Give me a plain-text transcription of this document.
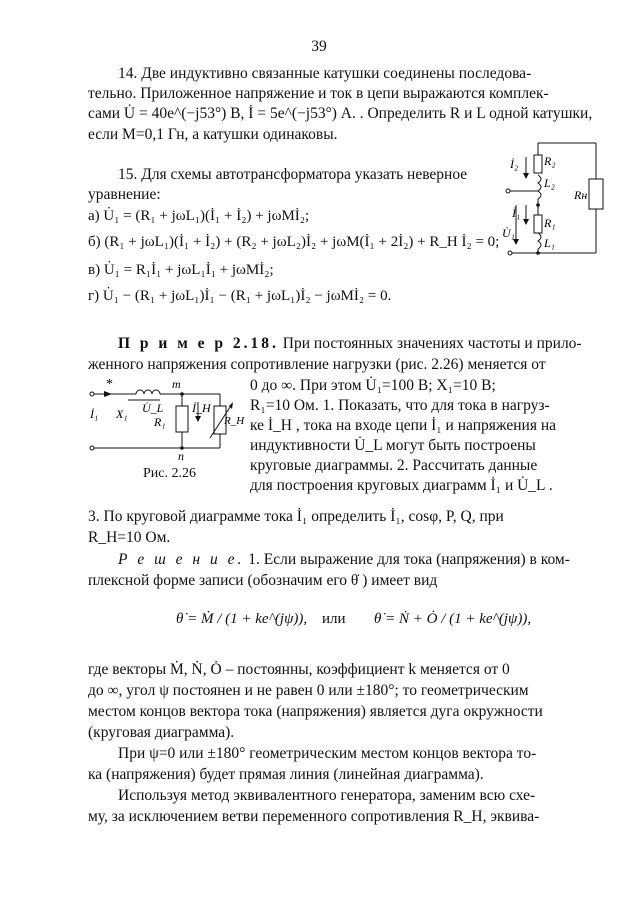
39
14. Две индуктивно связанные катушки соединены последова-
тельно. Приложенное напряжение и ток в цепи выражаются комплек-
сами U̇ = 40e^(−j53°) В, İ = 5e^(−j53°) А. . Определить R и L одной катушки,
если M=0,1 Гн, а катушки одинаковы.
15. Для схемы автотрансформатора указать неверное
уравнение:
а) U̇₁ = (R₁ + jωL₁)(İ₁ + İ₂) + jωMİ₂;
б) (R₁ + jωL₁)(İ₁ + İ₂) + (R₂ + jωL₂)İ₂ + jωM(İ₁ + 2İ₂) + R_H İ₂ = 0;
в) U̇₁ = R₁İ₁ + jωL₁İ₁ + jωMİ₂;
г) U̇₁ − (R₁ + jωL₁)İ₁ − (R₁ + jωL₁)İ₂ − jωMİ₂ = 0.
İ₂ R₂
L₂
Rн
İ₁
U̇₁
R₁
L₁
П р и м е р 2.18. При постоянных значениях частоты и прило-
женного напряжения сопротивление нагрузки (рис. 2.26) меняется от
*	m
İ₁ X₁ U̇_L İ_H
R₁	R_H
n
0 до ∞. При этом U̇₁=100 В; X₁=10 В;
R₁=10 Ом. 1. Показать, что для тока в нагруз-
ке İ_H , тока на входе цепи İ₁ и напряжения на
индуктивности U̇_L могут быть построены
круговые диаграммы. 2. Рассчитать данные
для построения круговых диаграмм İ₁ и U̇_L .
Рис. 2.26
3. По круговой диаграмме тока İ₁ определить İ₁, cosφ, P, Q, при
R_H=10 Ом.
Р е ш е н и е. 1. Если выражение для тока (напряжения) в ком-
плексной форме записи (обозначим его θ̇ ) имеет вид
θ̇ = Ṁ / (1 + ke^(jψ)), или θ̇ = Ṅ + Ȯ / (1 + ke^(jψ)),
где векторы Ṁ, Ṅ, Ȯ – постоянны, коэффициент k меняется от 0
до ∞, угол ψ постоянен и не равен 0 или ±180°; то геометрическим
местом концов вектора тока (напряжения) является дуга окружности
(круговая диаграмма).
При ψ=0 или ±180° геометрическим местом концов вектора то-
ка (напряжения) будет прямая линия (линейная диаграмма).
Используя метод эквивалентного генератора, заменим всю схе-
му, за исключением ветви переменного сопротивления R_H, эквива-
